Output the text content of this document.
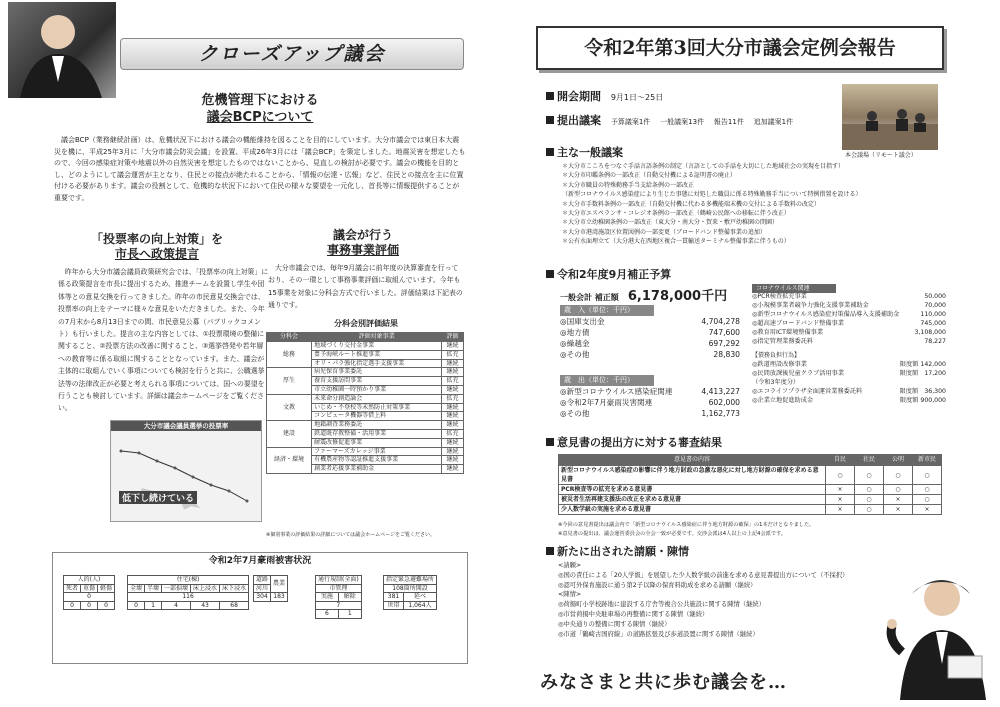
クローズアップ議会
危機管理下における
議会BCPについて
議会BCP（業務継続計画）は、危機状況下における議会の機能維持を図ることを目的にしています。大分市議会では東日本大震災を機に、平成25年3月に「大分市議会防災会議」を設置、平成26年3月には「議会BCP」を策定しました。地震災害を想定したもので、今回の感染症対策や地震以外の自然災害を想定したものではないことから、見直しの検討が必要です。議会の機能を目的とし、どのようにして議会運営が主となり、住民との接点が絶たれることから、「情報の伝達・広報」など、住民との接点を主に位置付ける必要があります。議会の役割として、危機的な状況下において住民の様々な要望を一元化し、首長等に情報提供することが重要です。
「投票率の向上対策」を
市長へ政策提言
昨年から大分市議会議員政策研究会では、「投票率の向上対策」に係る政策提言を市長に提出するため、推進チームを設置し学生や団体等との意見交換を行ってきました。昨年の市民意見交換会では、投票率の向上をテーマに様々な意見をいただきました。また、今年の7月末から8月13日までの間、市民意見公募（パブリックコメント）も行いました。提言の主な内容としては、①投票環境の整備に関すること、②投票方法の改善に関すること、③選挙啓発や若年層への教育等に係る取組に関することとなっています。また、議会が主体的に取組んでいく事項についても検討を行うと共に、公職選挙法等の法律改正が必要と考えられる事項については、国への要望を行うことも検討しています。詳細は議会ホームページをご覧ください。
大分市議会議員選挙の投票率
低下し続けている
議会が行う
事務事業評価
大分市議会では、毎年9月議会に前年度の決算審査を行っており、その一環として事務事業評価に取組んでいます。今年も15事業を対象に分科会方式で行いました。評価結果は下記表の通りです。
分科会別評価結果
分科会	評価対象事業	評価
総務	地域づくり交付金事業	継続
	豊予海峡ルート推進事業	拡充
	オリ・パラ強化指定選手支援事業	継続
厚生	病児保育事業委託	継続
	養育支援訪問事業	拡充
	市立幼稚園一時預かり事業	継続
文教	未来命分創造論会	拡充
	いじめ・不登校等未然防止対策事業	継続
	コンピュータ機器等借上料	継続
建設	地籍調査業務委託	継続
	鉄道既存教整備・活用事業	拡充
	耐震改修促進事業	継続
経済・環境	ファーマーズカレッジ事業	継続
	有機農産物等認証推進支援事業	継続
	創業者応援事業補助金	継続
※個別事業の評価結果の詳細については議会ホームページをご覧ください。
令和2年7月豪雨被害状況
人的(人)		
死者	重傷	軽傷
0		
0	0	0
住宅(棟)				
全壊	半壊	一部損壊	床上浸水	床下浸水
116				
0	1	4	43	68
道路	農業
河川	
304	183
通行規制(全面)	
市管理	
実施	解除
7	
6	1
指定緊急避難場所	
108箇所開設	
381	延べ
世帯	1,064人
令和2年第3回大分市議会定例会報告
開会期間 9月1日～25日
提出議案 予算議案1件 一般議案13件 報告11件 追加議案1件
本会議場（リモート議会）
主な一般議案
＊大分市こころをつなぐ手話言語条例の制定（言語としての手話を大切にした地域社会の実現を目指す）
＊大分市印鑑条例の一部改正（自動交付機による証明書の廃止）
＊大分市職員の特殊勤務手当支給条例の一部改正
（新型コロナウイルス感染症により生じた事態に対処した職員に係る特殊勤務手当について特例措置を設ける）
＊大分市手数料条例の一部改正（自動交付機に代わる多機能端末機の交付による手数料の改定）
＊大分市エスペランサ・コレジオ条例の一部改正（鶴崎公民館への移転に伴う改正）
＊大分市立幼稚園条例の一部改正（東大分・南大分・賀来・敷戸幼稚園の閉園）
＊大分市港湾施設区位置図例の一部変更（ブロードバンド整備事業の追加）
＊公有水面埋立て（大分港大在西地区複合一貫輸送ターミナル整備事業に伴うもの）
令和2年度9月補正予算
一般会計 補正額 6,178,000千円
歳　入（単位：千円）
◎国庫支出金	4,704,278
◎地方債	747,600
◎繰越金	697,292
◎その他	28,830
歳　出（単位：千円）
◎新型コロナウイルス感染症関連	4,413,227
◎令和2年7月豪雨災害関連	602,000
◎その他	1,162,773
コロナウイルス関連
◎PCR検査拡充事業	50,000
◎小規模事業者競争力強化支援事業補助金	70,000
◎新型コロナウイルス感染症対策備品導入支援補助金	110,000
◎超高速ブロードバンド整備事業	745,000
◎教育用ICT環境整備事業	3,108,000
◎指定管理業務委託料	78,227
【債務負担行為】
◎鉄道埋設改修事業	限度額 142,000
◎民間放課後児童クラブ活用事業	限度額　17,200
（令和3年度分）
◎エコライフプラザ全面運営業務委託料	限度額　36,300
◎企業立地促進助成金	限度額 900,000
意見書の提出方に対する審査結果
意見書の内容	自民	社民	公明	新市民
新型コロナウイルス感染症の影響に伴う地方財政の急激な悪化に対し地方財源の確保を求める意見書	○	○	○	○
PCR検査等の拡充を求める意見書	×	○	○	○
被災者生活再建支援法の改正を求める意見書	×	○	×	○
少人数学級の実施を求める意見書	×	○	×	×
※今回の意見書提出は議会内で「新型コロナウイルス感染症に伴う地方財源の確保」の1本だけとなりました。
※意見書の提出は、議会運営委員会の全会一致が必要です。交渉会派は4人以上の上記4会派です。
新たに出された請願・陳情
<請願>
◎国の責任による「20人学級」を展望した少人数学級の前進を求める意見書提出方について（不採択）
◎認可外保育施設に通う第2子以降の保育料助成を求める請願（継続）
<陳情>
◎荷揚町小学校跡地に建設する庁舎等複合公共施設に関する陳情（継続）
◎市営荷揚中央駐車場の再整備に関する陳情（継続）
◎中央通りの整備に関する陳情（継続）
◎市道「鶴崎古国府線」の道路拡張及び歩道設置に関する陳情（継続）
みなさまと共に歩む議会を…
